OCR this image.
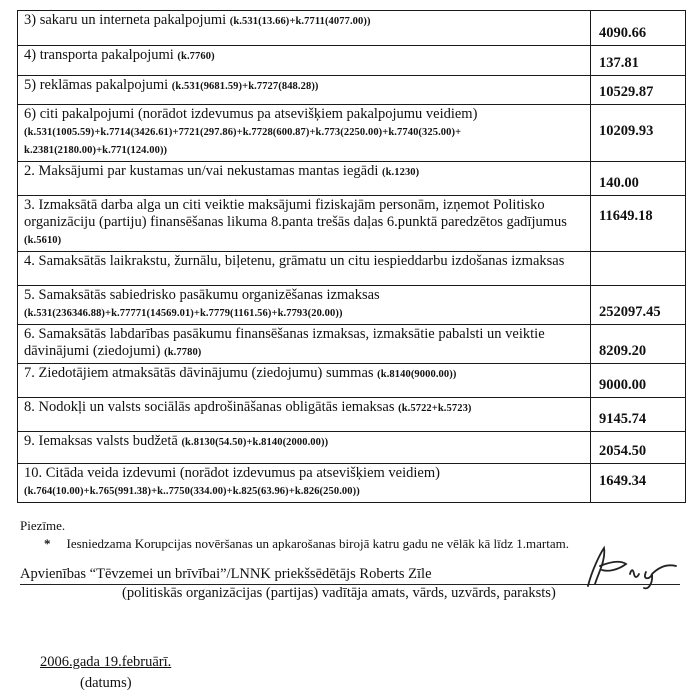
3) sakaru un interneta pakalpojumi (k.531(13.66)+k.7711(4077.00))	4090.66
4) transporta pakalpojumi (k.7760)	137.81
5) reklāmas pakalpojumi (k.531(9681.59)+k.7727(848.28))	10529.87
6) citi pakalpojumi (norādot izdevumus pa atsevišķiem pakalpojumu veidiem)
(k.531(1005.59)+k.7714(3426.61)+7721(297.86)+k.7728(600.87)+k.773(2250.00)+k.7740(325.00)+ k.2381(2180.00)+k.771(124.00))	10209.93
2. Maksājumi par kustamas un/vai nekustamas mantas iegādi (k.1230)	140.00
3. Izmaksātā darba alga un citi veiktie maksājumi fiziskajām personām, izņemot Politisko organizāciju (partiju) finansēšanas likuma 8.panta trešās daļas 6.punktā paredzētos gadījumus (k.5610)	11649.18
4. Samaksātās laikrakstu, žurnālu, biļetenu, grāmatu un citu iespieddarbu izdošanas izmaksas	
5. Samaksātās sabiedrisko pasākumu organizēšanas izmaksas
(k.531(236346.88)+k.77771(14569.01)+k.7779(1161.56)+k.7793(20.00))	252097.45
6. Samaksātās labdarības pasākumu finansēšanas izmaksas, izmaksātie pabalsti un veiktie dāvinājumi (ziedojumi) (k.7780)	8209.20
7. Ziedotājiem atmaksātās dāvinājumu (ziedojumu) summas (k.8140(9000.00))	9000.00
8. Nodokļi un valsts sociālās apdrošināšanas obligātās iemaksas (k.5722+k.5723)	9145.74
9. Iemaksas valsts budžetā (k.8130(54.50)+k.8140(2000.00))	2054.50
10. Citāda veida izdevumi (norādot izdevumus pa atsevišķiem veidiem)
(k.764(10.00)+k.765(991.38)+k..7750(334.00)+k.825(63.96)+k.826(250.00))	1649.34
Piezīme.
* Iesniedzama Korupcijas novēršanas un apkarošanas birojā katru gadu ne vēlāk kā līdz 1.martam.
Apvienības “Tēvzemei un brīvībai”/LNNK priekšsēdētājs Roberts Zīle
(politiskās organizācijas (partijas) vadītāja amats, vārds, uzvārds, paraksts)
2006.gada 19.februārī.
(datums)
